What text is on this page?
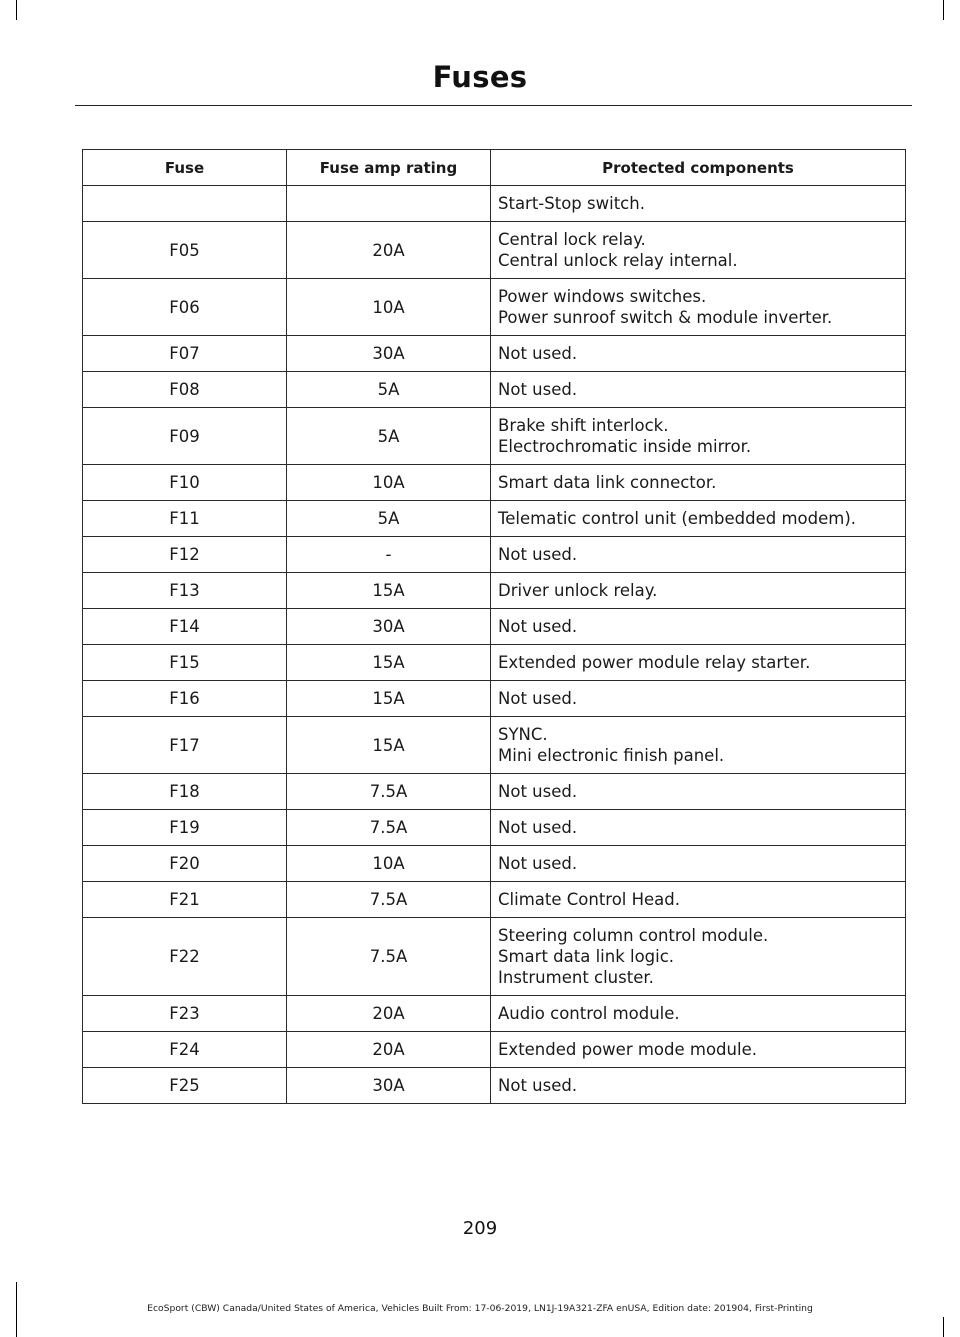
Fuses
Fuse	Fuse amp rating	Protected components

		Start-Stop switch.

F05	20A	Central lock relay.
Central unlock relay internal.

F06	10A	Power windows switches.
Power sunroof switch & module inverter.

F07	30A	Not used.

F08	5A	Not used.

F09	5A	Brake shift interlock.
Electrochromatic inside mirror.

F10	10A	Smart data link connector.

F11	5A	Telematic control unit (embedded modem).

F12	-	Not used.

F13	15A	Driver unlock relay.

F14	30A	Not used.

F15	15A	Extended power module relay starter.

F16	15A	Not used.

F17	15A	SYNC.
Mini electronic finish panel.

F18	7.5A	Not used.

F19	7.5A	Not used.

F20	10A	Not used.

F21	7.5A	Climate Control Head.

F22	7.5A	Steering column control module.
Smart data link logic.
Instrument cluster.

F23	20A	Audio control module.

F24	20A	Extended power mode module.

F25	30A	Not used.
209
EcoSport (CBW) Canada/United States of America, Vehicles Built From: 17-06-2019, LN1J-19A321-ZFA enUSA, Edition date: 201904, First-Printing
